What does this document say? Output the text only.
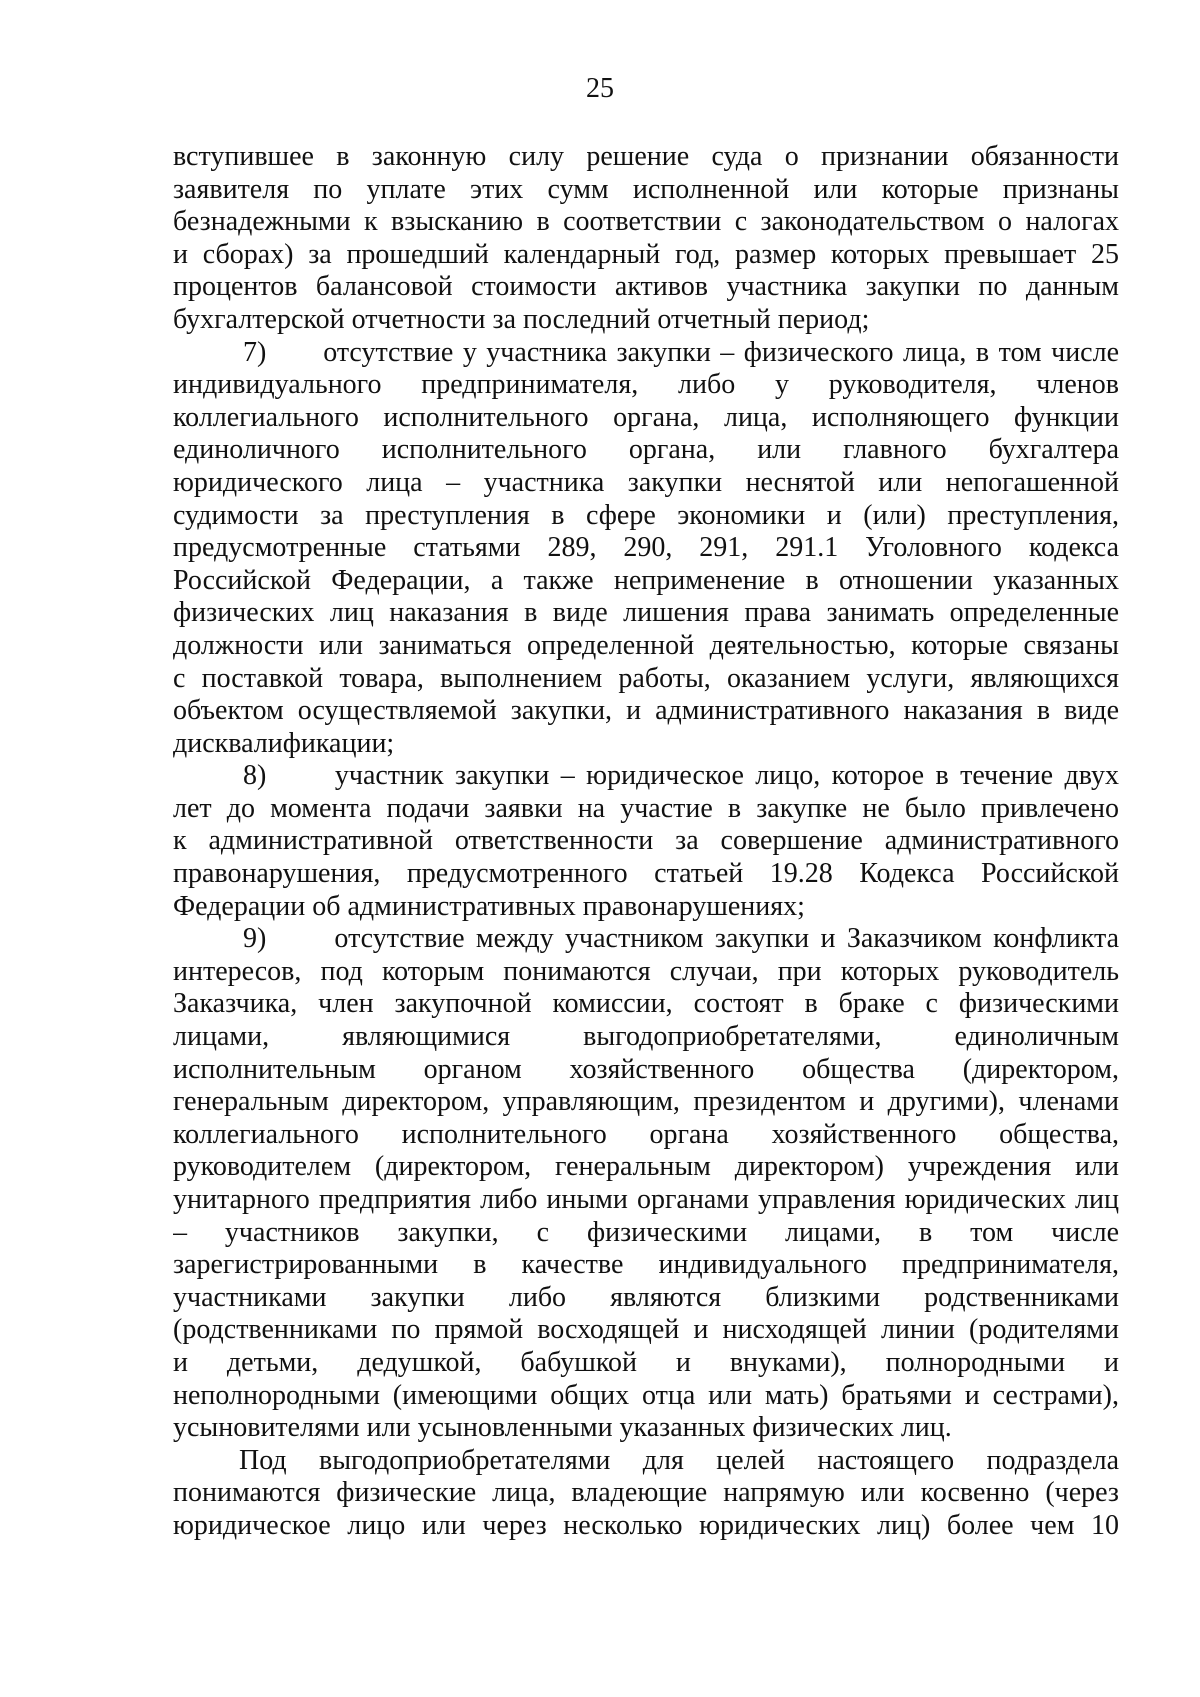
25
вступившее в законную силу решение суда о признании обязанности
заявителя по уплате этих сумм исполненной или которые признаны
безнадежными к взысканию в соответствии с законодательством о налогах
и сборах) за прошедший календарный год, размер которых превышает 25
процентов балансовой стоимости активов участника закупки по данным
бухгалтерской отчетности за последний отчетный период;
7)      отсутствие у участника закупки – физического лица, в том числе
индивидуального предпринимателя, либо у руководителя, членов
коллегиального исполнительного органа, лица, исполняющего функции
единоличного исполнительного органа, или главного бухгалтера
юридического лица – участника закупки неснятой или непогашенной
судимости за преступления в сфере экономики и (или) преступления,
предусмотренные статьями 289, 290, 291, 291.1 Уголовного кодекса
Российской Федерации, а также неприменение в отношении указанных
физических лиц наказания в виде лишения права занимать определенные
должности или заниматься определенной деятельностью, которые связаны
с поставкой товара, выполнением работы, оказанием услуги, являющихся
объектом осуществляемой закупки, и административного наказания в виде
дисквалификации;
8)      участник закупки – юридическое лицо, которое в течение двух
лет до момента подачи заявки на участие в закупке не было привлечено
к административной ответственности за совершение административного
правонарушения, предусмотренного статьей 19.28 Кодекса Российской
Федерации об административных правонарушениях;
9)      отсутствие между участником закупки и Заказчиком конфликта
интересов, под которым понимаются случаи, при которых руководитель
Заказчика, член закупочной комиссии, состоят в браке с физическими
лицами, являющимися выгодоприобретателями, единоличным
исполнительным органом хозяйственного общества (директором,
генеральным директором, управляющим, президентом и другими), членами
коллегиального исполнительного органа хозяйственного общества,
руководителем (директором, генеральным директором) учреждения или
унитарного предприятия либо иными органами управления юридических лиц
– участников закупки, с физическими лицами, в том числе
зарегистрированными в качестве индивидуального предпринимателя,
участниками закупки либо являются близкими родственниками
(родственниками по прямой восходящей и нисходящей линии (родителями
и детьми, дедушкой, бабушкой и внуками), полнородными и
неполнородными (имеющими общих отца или мать) братьями и сестрами),
усыновителями или усыновленными указанных физических лиц.
Под выгодоприобретателями для целей настоящего подраздела
понимаются физические лица, владеющие напрямую или косвенно (через
юридическое лицо или через несколько юридических лиц) более чем 10
